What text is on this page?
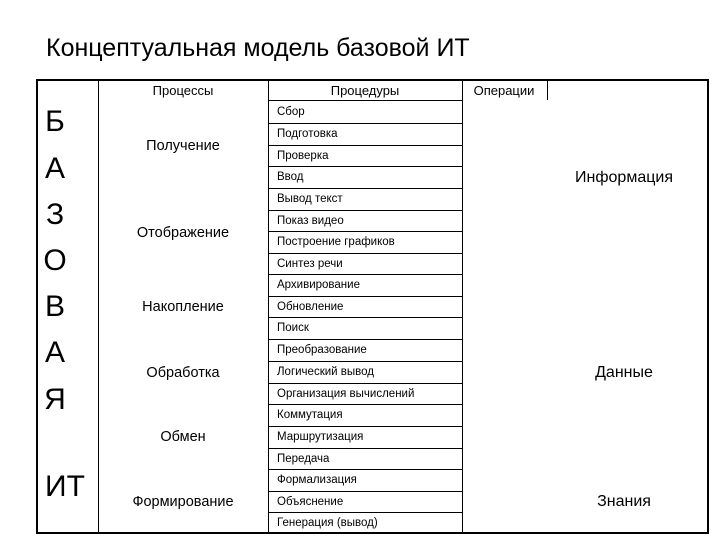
Концептуальная модель базовой ИТ
Процессы	Процедуры	Операции
Б
А
З
О
В
А
Я
ИТ
Получение
Отображение
Накопление
Обработка
Обмен
Формирование
Сбор
Подготовка
Проверка
Ввод
Вывод текст
Показ видео
Построение графиков
Синтез речи
Архивирование
Обновление
Поиск
Преобразование
Логический вывод
Организация вычислений
Коммутация
Маршрутизация
Передача
Формализация
Объяснение
Генерация (вывод)
Информация
Данные
Знания
